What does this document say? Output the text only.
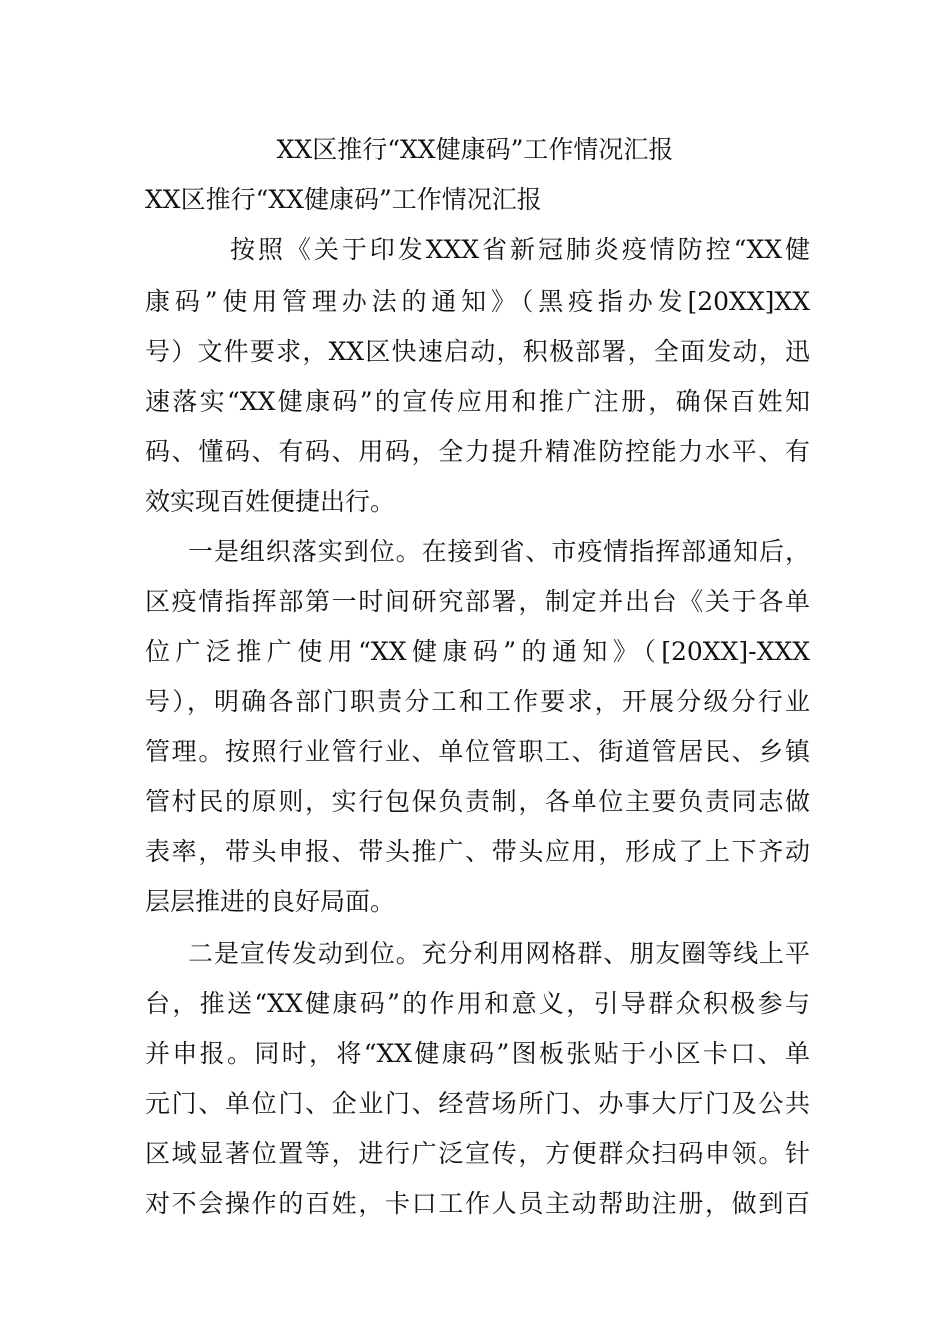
XX区推行“XX健康码”工作情况汇报
XX区推行“XX健康码”工作情况汇报
按照《关于印发XXX省新冠肺炎疫情防控“XX健
康码”使用管理办法的通知》（黑疫指办发[20XX]XX
号）文件要求，XX区快速启动，积极部署，全面发动，迅
速落实“XX健康码”的宣传应用和推广注册，确保百姓知
码、懂码、有码、用码，全力提升精准防控能力水平、有
效实现百姓便捷出行。
一是组织落实到位。在接到省、市疫情指挥部通知后，
区疫情指挥部第一时间研究部署，制定并出台《关于各单
位广泛推广使用“XX健康码”的通知》（[20XX]-XXX
号），明确各部门职责分工和工作要求，开展分级分行业
管理。按照行业管行业、单位管职工、街道管居民、乡镇
管村民的原则，实行包保负责制，各单位主要负责同志做
表率，带头申报、带头推广、带头应用，形成了上下齐动
层层推进的良好局面。
二是宣传发动到位。充分利用网格群、朋友圈等线上平
台，推送“XX健康码”的作用和意义，引导群众积极参与
并申报。同时，将“XX健康码”图板张贴于小区卡口、单
元门、单位门、企业门、经营场所门、办事大厅门及公共
区域显著位置等，进行广泛宣传，方便群众扫码申领。针
对不会操作的百姓，卡口工作人员主动帮助注册，做到百
